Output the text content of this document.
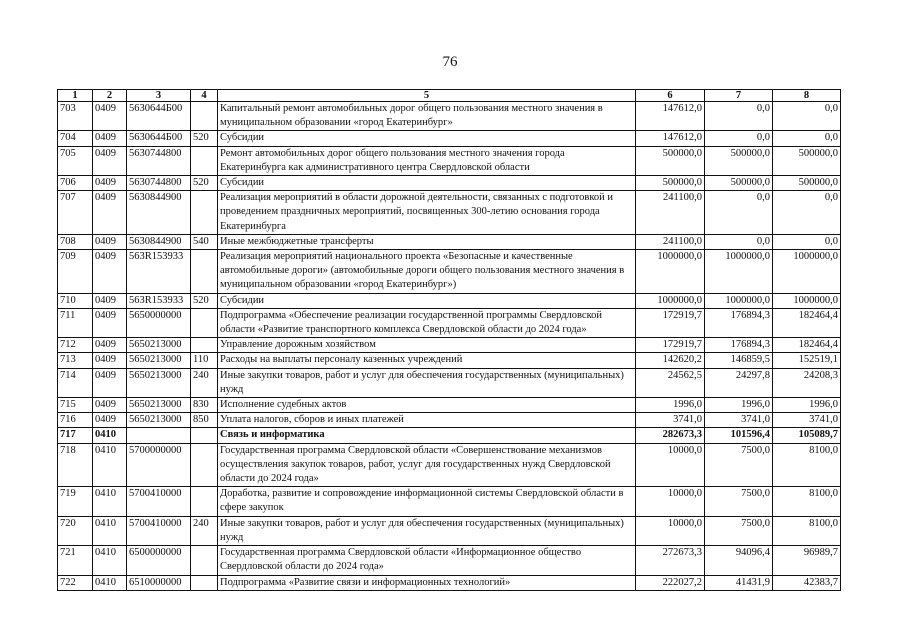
76
1	2	3	4	5	6	7	8
703	0409	5630644Б00		Капитальный ремонт автомобильных дорог общего пользования местного значения в муниципальном образовании «город Екатеринбург»	147612,0	0,0	0,0
704	0409	5630644Б00	520	Субсидии	147612,0	0,0	0,0
705	0409	5630744800		Ремонт автомобильных дорог общего пользования местного значения города Екатеринбурга как административного центра Свердловской области	500000,0	500000,0	500000,0
706	0409	5630744800	520	Субсидии	500000,0	500000,0	500000,0
707	0409	5630844900		Реализация мероприятий в области дорожной деятельности, связанных с подготовкой и проведением праздничных мероприятий, посвященных 300-летию основания города Екатеринбурга	241100,0	0,0	0,0
708	0409	5630844900	540	Иные межбюджетные трансферты	241100,0	0,0	0,0
709	0409	563R153933		Реализация мероприятий национального проекта «Безопасные и качественные автомобильные дороги» (автомобильные дороги общего пользования местного значения в муниципальном образовании «город Екатеринбург»)	1000000,0	1000000,0	1000000,0
710	0409	563R153933	520	Субсидии	1000000,0	1000000,0	1000000,0
711	0409	5650000000		Подпрограмма «Обеспечение реализации государственной программы Свердловской области «Развитие транспортного комплекса Свердловской области до 2024 года»	172919,7	176894,3	182464,4
712	0409	5650213000		Управление дорожным хозяйством	172919,7	176894,3	182464,4
713	0409	5650213000	110	Расходы на выплаты персоналу казенных учреждений	142620,2	146859,5	152519,1
714	0409	5650213000	240	Иные закупки товаров, работ и услуг для обеспечения государственных (муниципальных) нужд	24562,5	24297,8	24208,3
715	0409	5650213000	830	Исполнение судебных актов	1996,0	1996,0	1996,0
716	0409	5650213000	850	Уплата налогов, сборов и иных платежей	3741,0	3741,0	3741,0
717	0410			Связь и информатика	282673,3	101596,4	105089,7
718	0410	5700000000		Государственная программа Свердловской области «Совершенствование механизмов осуществления закупок товаров, работ, услуг для государственных нужд Свердловской области до 2024 года»	10000,0	7500,0	8100,0
719	0410	5700410000		Доработка, развитие и сопровождение информационной системы Свердловской области в сфере закупок	10000,0	7500,0	8100,0
720	0410	5700410000	240	Иные закупки товаров, работ и услуг для обеспечения государственных (муниципальных) нужд	10000,0	7500,0	8100,0
721	0410	6500000000		Государственная программа Свердловской области «Информационное общество Свердловской области до 2024 года»	272673,3	94096,4	96989,7
722	0410	6510000000		Подпрограмма «Развитие связи и информационных технологий»	222027,2	41431,9	42383,7
